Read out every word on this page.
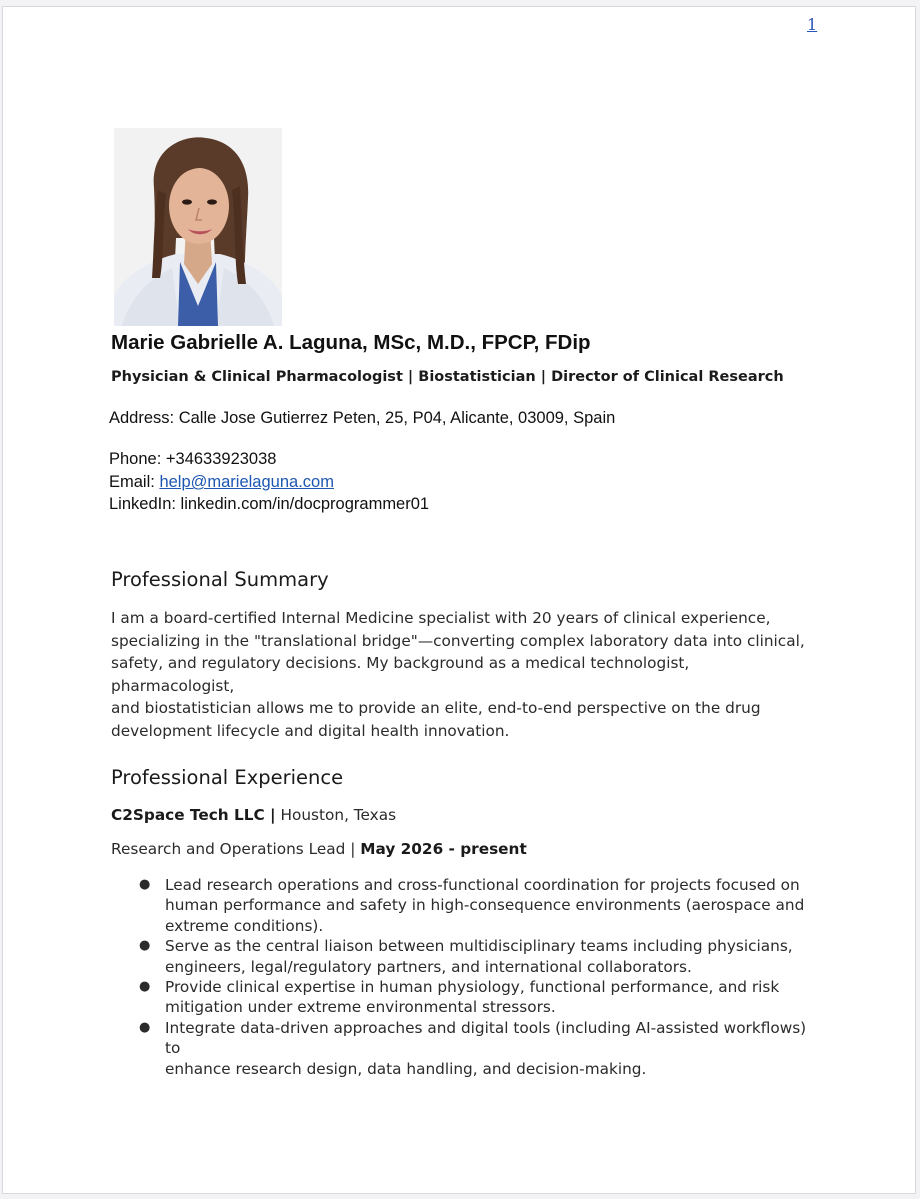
1
Marie Gabrielle A. Laguna, MSc, M.D., FPCP, FDip
Physician & Clinical Pharmacologist | Biostatistician | Director of Clinical Research
Address: Calle Jose Gutierrez Peten, 25, P04, Alicante, 03009, Spain
Phone: +34633923038
Email: help@marielaguna.com
LinkedIn: linkedin.com/in/docprogrammer01
Professional Summary

I am a board-certified Internal Medicine specialist with 20 years of clinical experience,

specializing in the "translational bridge"—converting complex laboratory data into clinical,

safety, and regulatory decisions. My background as a medical technologist, pharmacologist,

and biostatistician allows me to provide an elite, end-to-end perspective on the drug

development lifecycle and digital health innovation.

Professional Experience
C2Space Tech LLC | Houston, Texas
Research and Operations Lead | May 2026 - present
● Lead research operations and cross-functional coordination for projects focused on
human performance and safety in high-consequence environments (aerospace and
extreme conditions).
● Serve as the central liaison between multidisciplinary teams including physicians,
engineers, legal/regulatory partners, and international collaborators.
● Provide clinical expertise in human physiology, functional performance, and risk
mitigation under extreme environmental stressors.
● Integrate data-driven approaches and digital tools (including AI-assisted workflows) to
enhance research design, data handling, and decision-making.
